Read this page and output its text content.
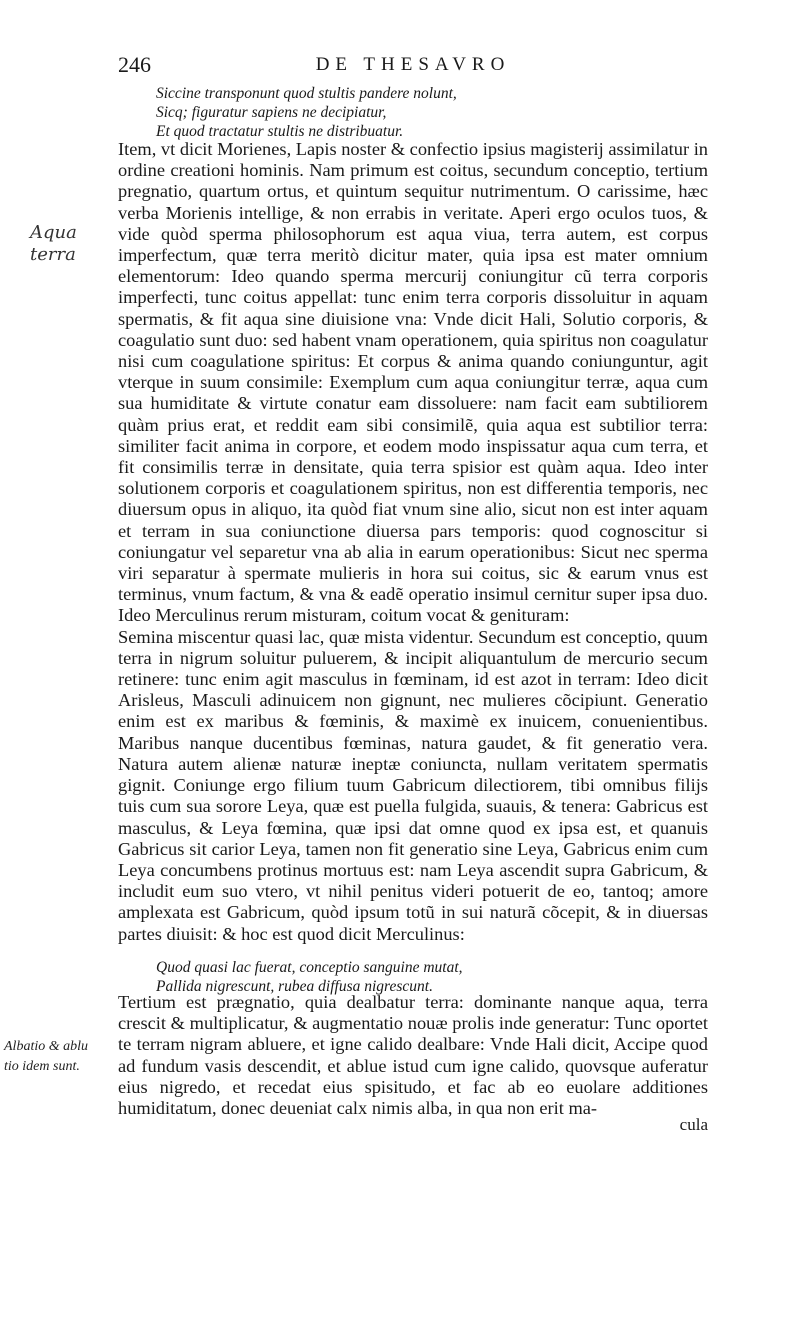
246	DE THESAVRO

Siccine transponunt quod stultis pandere nolunt,
Sicq; figuratur sapiens ne decipiatur,
Et quod tractatur stultis ne distribuatur.

Item, vt dicit Morienes, Lapis noster & confectio ipsius magisterij assimilatur in ordine creationi hominis. Nam primum est coitus, secundum conceptio, tertium pregnatio, quartum ortus, et quintum sequitur nutrimentum. O carissime, hæc verba Morienis intellige, & non errabis in veritate. Aperi ergo oculos tuos, & vide quòd sperma philosophorum est aqua viua, terra autem, est corpus imperfectum, quæ terra meritò dicitur mater, quia ipsa est mater omnium elementorum: Ideo quando sperma mercurij coniungitur cũ terra corporis imperfecti, tunc coitus appellat: tunc enim terra corporis dissoluitur in aquam spermatis, & fit aqua sine diuisione vna: Vnde dicit Hali, Solutio corporis, & coagulatio sunt duo: sed habent vnam operationem, quia spiritus non coagulatur nisi cum coagulatione spiritus: Et corpus & anima quando coniunguntur, agit vterque in suum consimile: Exemplum cum aqua coniungitur terræ, aqua cum sua humiditate & virtute conatur eam dissoluere: nam facit eam subtiliorem quàm prius erat, et reddit eam sibi consimilẽ, quia aqua est subtilior terra: similiter facit anima in corpore, et eodem modo inspissatur aqua cum terra, et fit consimilis terræ in densitate, quia terra spisior est quàm aqua. Ideo inter solutionem corporis et coagulationem spiritus, non est differentia temporis, nec diuersum opus in aliquo, ita quòd fiat vnum sine alio, sicut non est inter aquam et terram in sua coniunctione diuersa pars temporis: quod cognoscitur si coniungatur vel separetur vna ab alia in earum operationibus: Sicut nec sperma viri separatur à spermate mulieris in hora sui coitus, sic & earum vnus est terminus, vnum factum, & vna & eadẽ operatio insimul cernitur super ipsa duo. Ideo Merculinus rerum misturam, coitum vocat & genituram:

Semina miscentur quasi lac, quæ mista videntur. Secundum est conceptio, quum terra in nigrum soluitur puluerem, & incipit aliquantulum de mercurio secum retinere: tunc enim agit masculus in fœminam, id est azot in terram: Ideo dicit Arisleus, Masculi adinuicem non gignunt, nec mulieres cõcipiunt. Generatio enim est ex maribus & fœminis, & maximè ex inuicem, conuenientibus. Maribus nanque ducentibus fœminas, natura gaudet, & fit generatio vera. Natura autem alienæ naturæ ineptæ coniuncta, nullam veritatem spermatis gignit. Coniunge ergo filium tuum Gabricum dilectiorem, tibi omnibus filijs tuis cum sua sorore Leya, quæ est puella fulgida, suauis, & tenera: Gabricus est masculus, & Leya fœmina, quæ ipsi dat omne quod ex ipsa est, et quanuis Gabricus sit carior Leya, tamen non fit generatio sine Leya, Gabricus enim cum Leya concumbens protinus mortuus est: nam Leya ascendit supra Gabricum, & includit eum suo vtero, vt nihil penitus videri potuerit de eo, tantoq; amore amplexata est Gabricum, quòd ipsum totũ in sui naturã cõcepit, & in diuersas partes diuisit: & hoc est quod dicit Merculinus:

Quod quasi lac fuerat, conceptio sanguine mutat,
Pallida nigrescunt, rubea diffusa nigrescunt.

Tertium est prægnatio, quia dealbatur terra: dominante nanque aqua, terra crescit & multiplicatur, & augmentatio nouæ prolis inde generatur: Tunc oportet te terram nigram abluere, et igne calido dealbare: Vnde Hali dicit, Accipe quod ad fundum vasis descendit, et ablue istud cum igne calido, quovsque auferatur eius nigredo, et recedat eius spisitudo, et fac ab eo euolare additiones humiditatum, donec deueniat calx nimis alba, in qua non erit ma-

cula
Aqua terra
Albatio & ablu
tio idem sunt.
